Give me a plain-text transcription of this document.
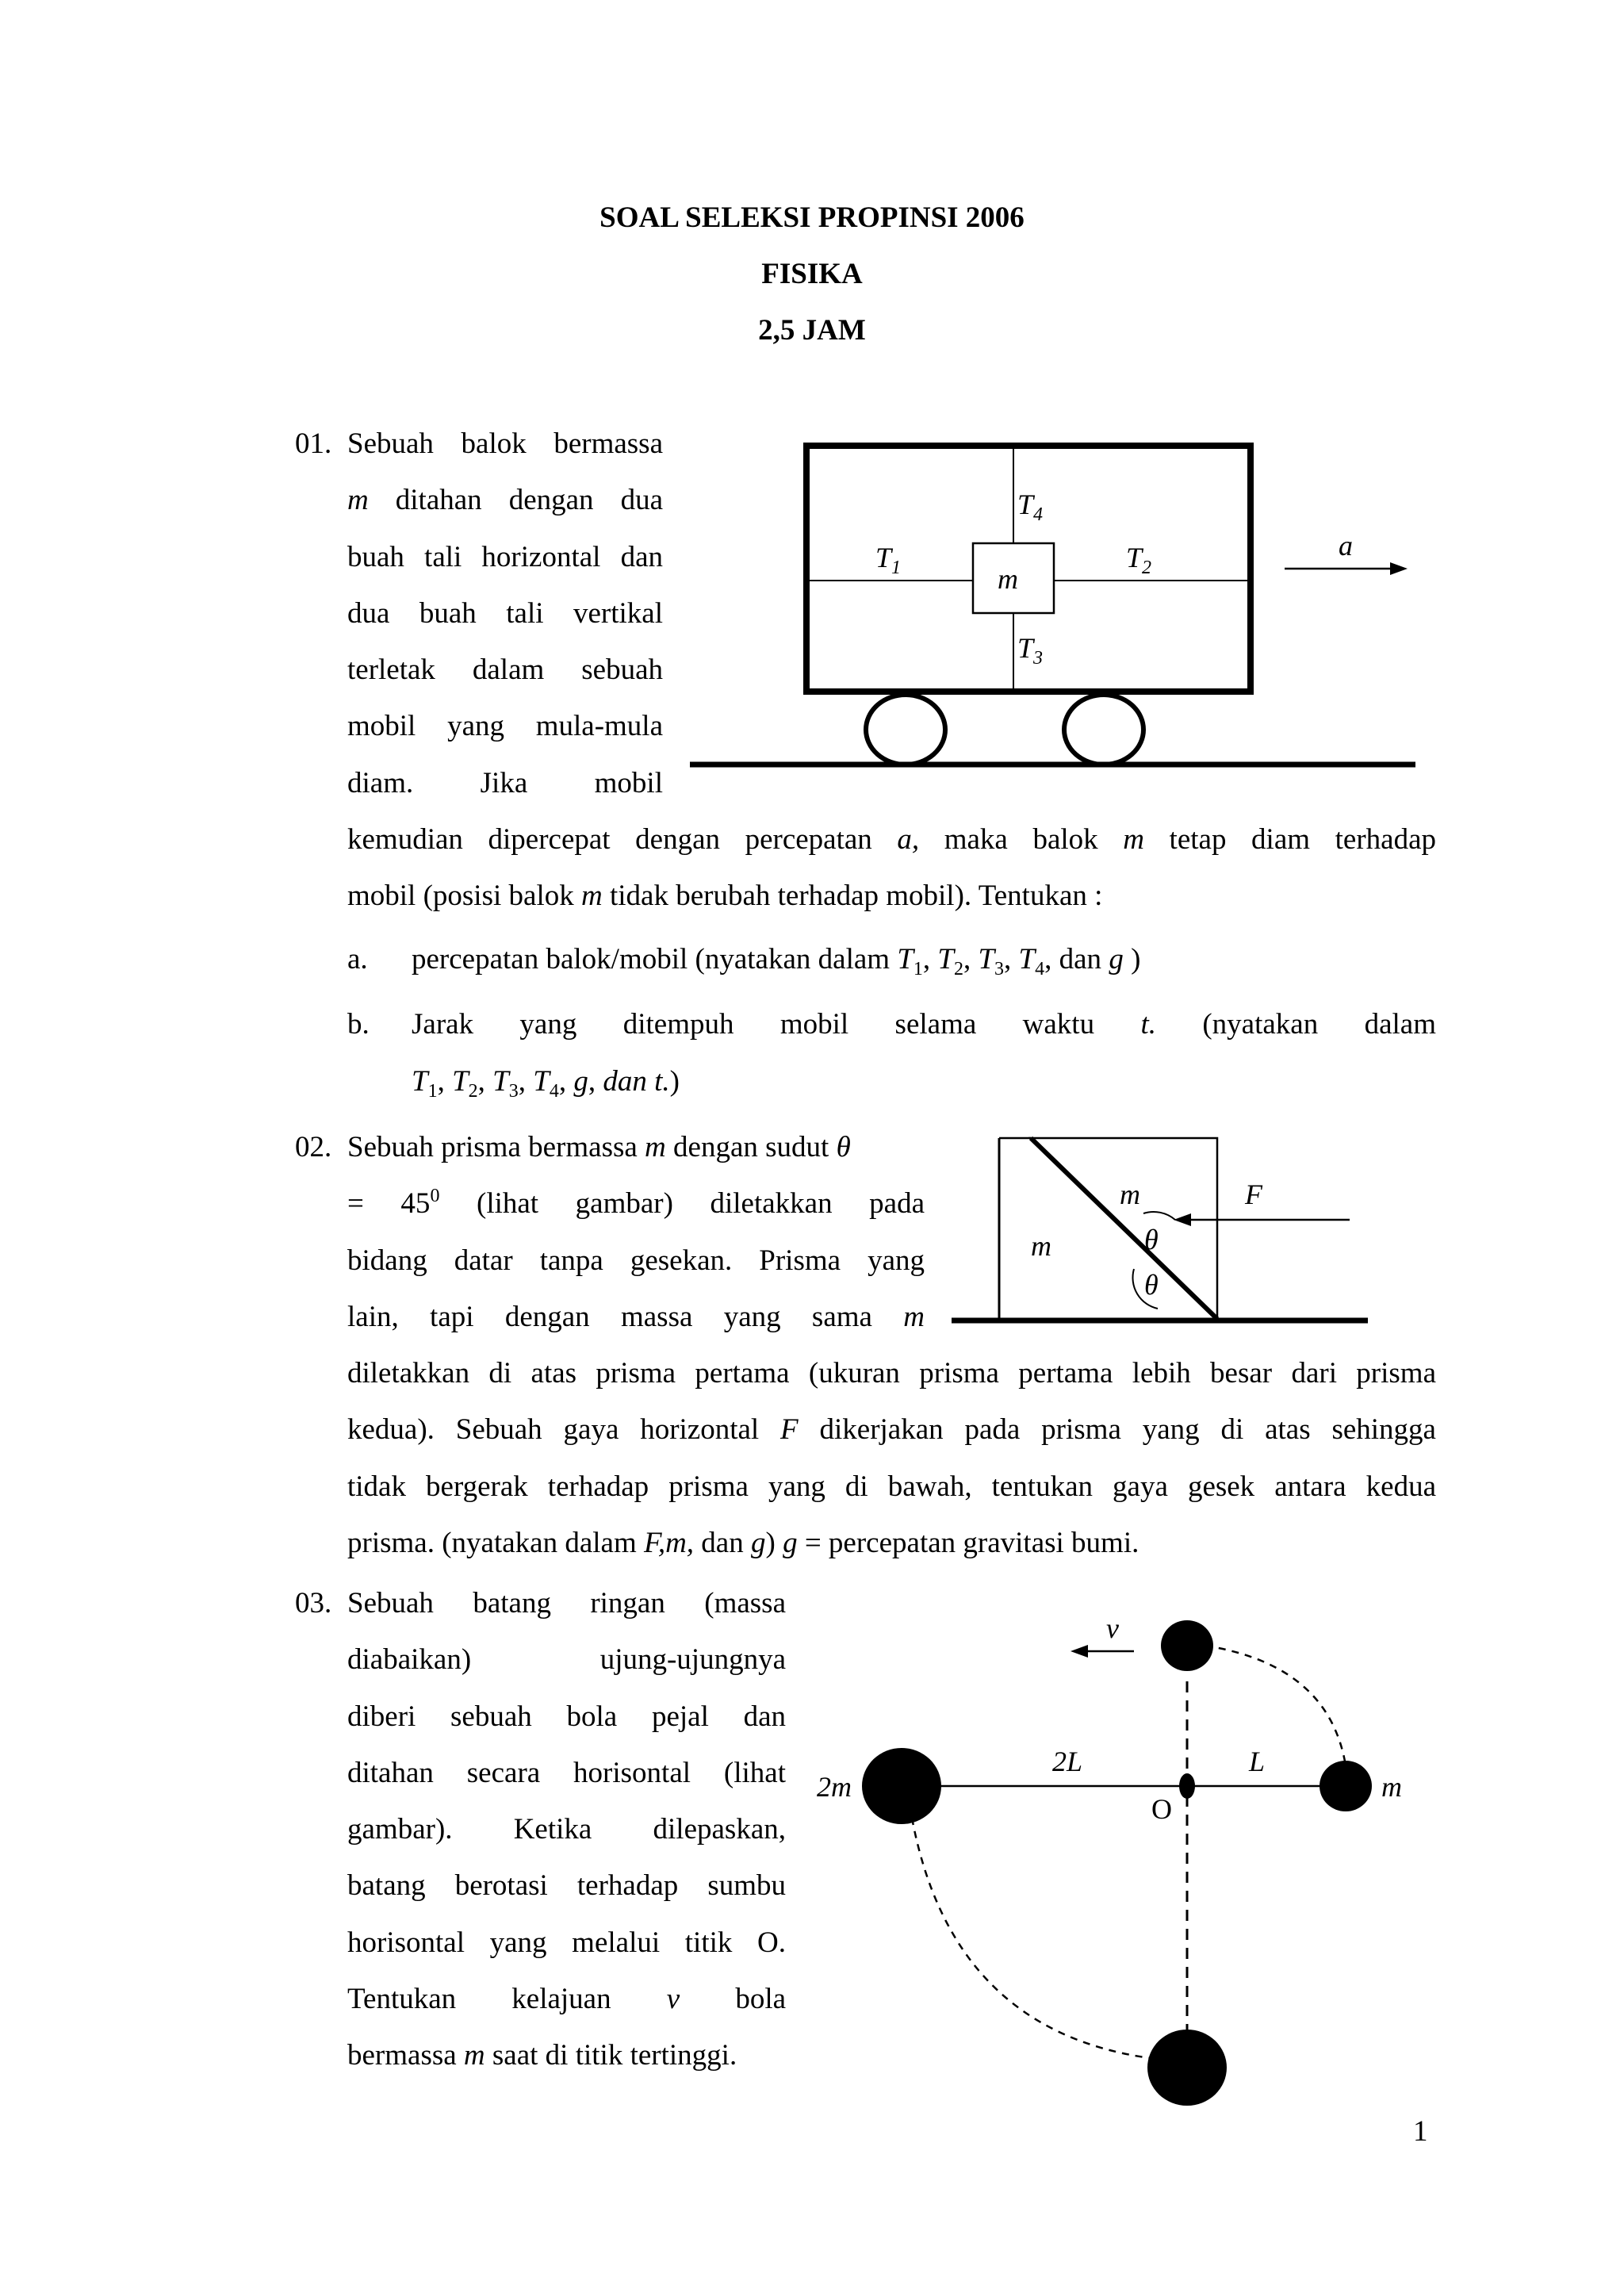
SOAL SELEKSI PROPINSI 2006
FISIKA
2,5 JAM
01. Sebuah balok bermassa
m ditahan dengan dua
buah tali horizontal dan
dua buah tali vertikal
terletak dalam sebuah
mobil yang mula-mula
diam. Jika mobil
kemudian dipercepat dengan percepatan a, maka balok m tetap diam terhadap
mobil (posisi balok m tidak berubah terhadap mobil). Tentukan :
a. percepatan balok/mobil (nyatakan dalam $T_1$, $T_2$, $T_3$, $T_4$, dan g )
b. Jarak yang ditempuh mobil selama waktu t. (nyatakan dalam
$T_1$, $T_2$, $T_3$, $T_4$, g, dan t.)
a
$T_4$
$T_1$	$T_2$
$T_3$
m
02. Sebuah prisma bermassa m dengan sudut θ
= $45^0$ (lihat gambar) diletakkan pada
bidang datar tanpa gesekan. Prisma yang
lain, tapi dengan massa yang sama m
diletakkan di atas prisma pertama (ukuran prisma pertama lebih besar dari prisma
kedua). Sebuah gaya horizontal F dikerjakan pada prisma yang di atas sehingga
tidak bergerak terhadap prisma yang di bawah, tentukan gaya gesek antara kedua
prisma. (nyatakan dalam F,m, dan g) g = percepatan gravitasi bumi.
m
m
F
θ
θ
03. Sebuah batang ringan (massa
diabaikan) ujung-ujungnya
diberi sebuah bola pejal dan
ditahan secara horisontal (lihat
gambar). Ketika dilepaskan,
batang berotasi terhadap sumbu
horisontal yang melalui titik O.
Tentukan kelajuan v bola
bermassa m saat di titik tertinggi.
v
2m
2L	L
m
O
1
